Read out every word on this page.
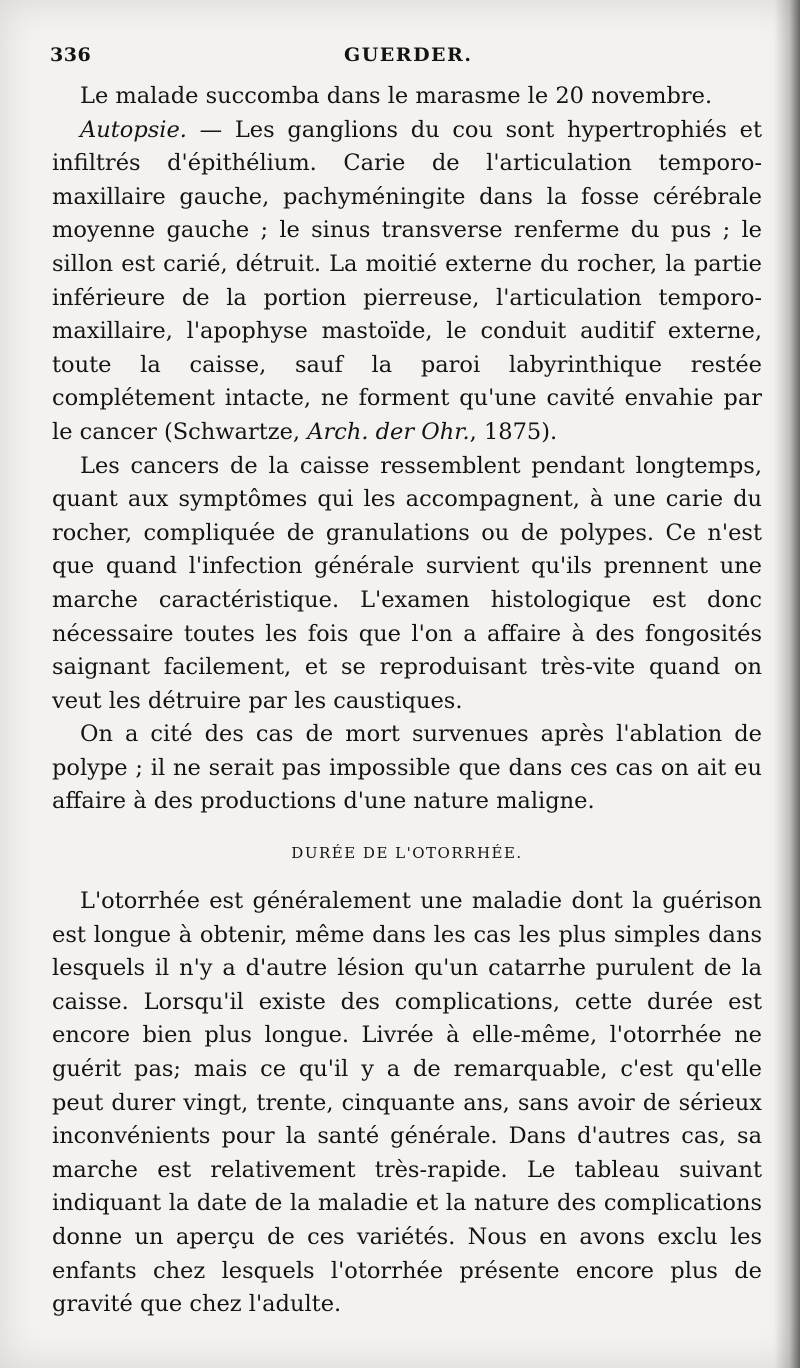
336	GUERDER.

Le malade succomba dans le marasme le 20 novembre.

Autopsie. — Les ganglions du cou sont hypertrophiés et infiltrés d'épithélium. Carie de l'articulation temporo-maxillaire gauche, pachyméningite dans la fosse cérébrale moyenne gauche ; le sinus transverse renferme du pus ; le sillon est carié, détruit. La moitié externe du rocher, la partie inférieure de la portion pierreuse, l'articulation temporo-maxillaire, l'apophyse mastoïde, le conduit auditif externe, toute la caisse, sauf la paroi labyrinthique restée complétement intacte, ne forment qu'une cavité envahie par le cancer (Schwartze, Arch. der Ohr., 1875).

Les cancers de la caisse ressemblent pendant longtemps, quant aux symptômes qui les accompagnent, à une carie du rocher, compliquée de granulations ou de polypes. Ce n'est que quand l'infection générale survient qu'ils prennent une marche caractéristique. L'examen histologique est donc nécessaire toutes les fois que l'on a affaire à des fongosités saignant facilement, et se reproduisant très-vite quand on veut les détruire par les caustiques.

On a cité des cas de mort survenues après l'ablation de polype ; il ne serait pas impossible que dans ces cas on ait eu affaire à des productions d'une nature maligne.

DURÉE DE L'OTORRHÉE.

L'otorrhée est généralement une maladie dont la guérison est longue à obtenir, même dans les cas les plus simples dans lesquels il n'y a d'autre lésion qu'un catarrhe purulent de la caisse. Lorsqu'il existe des complications, cette durée est encore bien plus longue. Livrée à elle-même, l'otorrhée ne guérit pas; mais ce qu'il y a de remarquable, c'est qu'elle peut durer vingt, trente, cinquante ans, sans avoir de sérieux inconvénients pour la santé générale. Dans d'autres cas, sa marche est relativement très-rapide. Le tableau suivant indiquant la date de la maladie et la nature des complications donne un aperçu de ces variétés. Nous en avons exclu les enfants chez lesquels l'otorrhée présente encore plus de gravité que chez l'adulte.
